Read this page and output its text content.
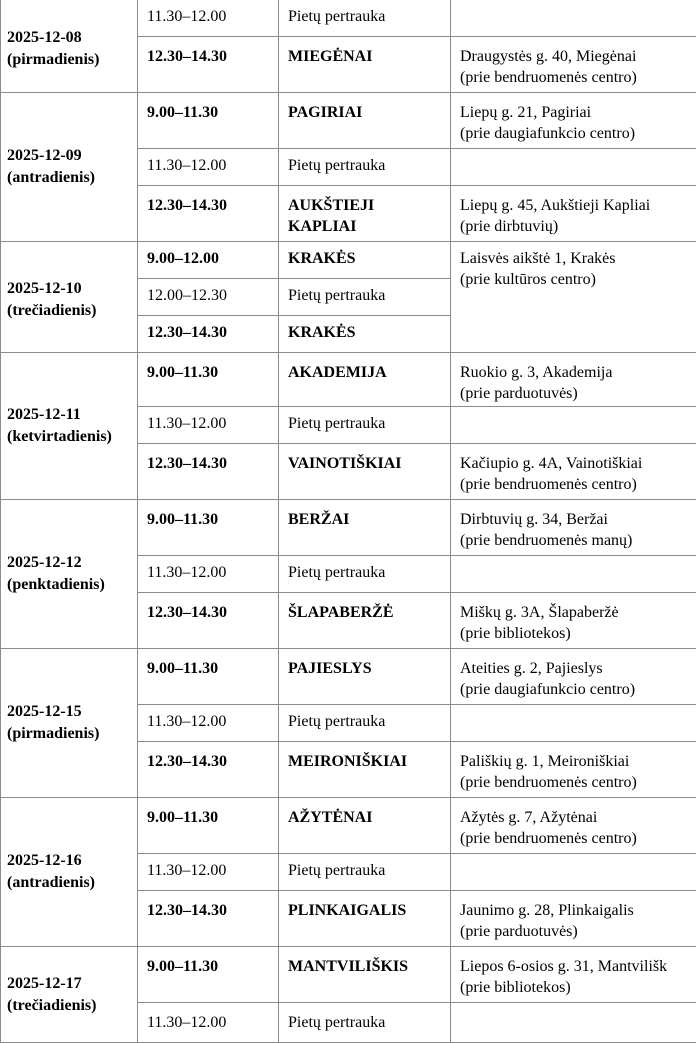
2025-12-08
(pirmadienis)	11.30–12.00	Pietų pertrauka	
	12.30–14.30	MIEGĖNAI	Draugystės g. 40, Miegėnai
(prie bendruomenės centro)

2025-12-09
(antradienis)	9.00–11.30	PAGIRIAI	Liepų g. 21, Pagiriai
(prie daugiafunkcio centro)

	11.30–12.00	Pietų pertrauka	
	12.30–14.30	AUKŠTIEJI
KAPLIAI	Liepų g. 45, Aukštieji Kapliai
(prie dirbtuvių)

2025-12-10
(trečiadienis)	9.00–12.00	KRAKĖS	Laisvės aikštė 1, Krakės
(prie kultūros centro)

	12.00–12.30	Pietų pertrauka	
	12.30–14.30	KRAKĖS	

2025-12-11
(ketvirtadienis)	9.00–11.30	AKADEMIJA	Ruokio g. 3, Akademija
(prie parduotuvės)

	11.30–12.00	Pietų pertrauka	
	12.30–14.30	VAINOTIŠKIAI	Kačiupio g. 4A, Vainotiškiai
(prie bendruomenės centro)

2025-12-12
(penktadienis)	9.00–11.30	BERŽAI	Dirbtuvių g. 34, Beržai
(prie bendruomenės manų)

	11.30–12.00	Pietų pertrauka	
	12.30–14.30	ŠLAPABERŽĖ	Miškų g. 3A, Šlapaberžė
(prie bibliotekos)

2025-12-15
(pirmadienis)	9.00–11.30	PAJIESLYS	Ateities g. 2, Pajieslys
(prie daugiafunkcio centro)

	11.30–12.00	Pietų pertrauka	
	12.30–14.30	MEIRONIŠKIAI	Pališkių g. 1, Meironiškiai
(prie bendruomenės centro)

2025-12-16
(antradienis)	9.00–11.30	AŽYTĖNAI	Ažytės g. 7, Ažytėnai
(prie bendruomenės centro)

	11.30–12.00	Pietų pertrauka	
	12.30–14.30	PLINKAIGALIS	Jaunimo g. 28, Plinkaigalis
(prie parduotuvės)

2025-12-17
(trečiadienis)	9.00–11.30	MANTVILIŠKIS	Liepos 6-osios g. 31, Mantvilišk
(prie bibliotekos)

	11.30–12.00	Pietų pertrauka	
